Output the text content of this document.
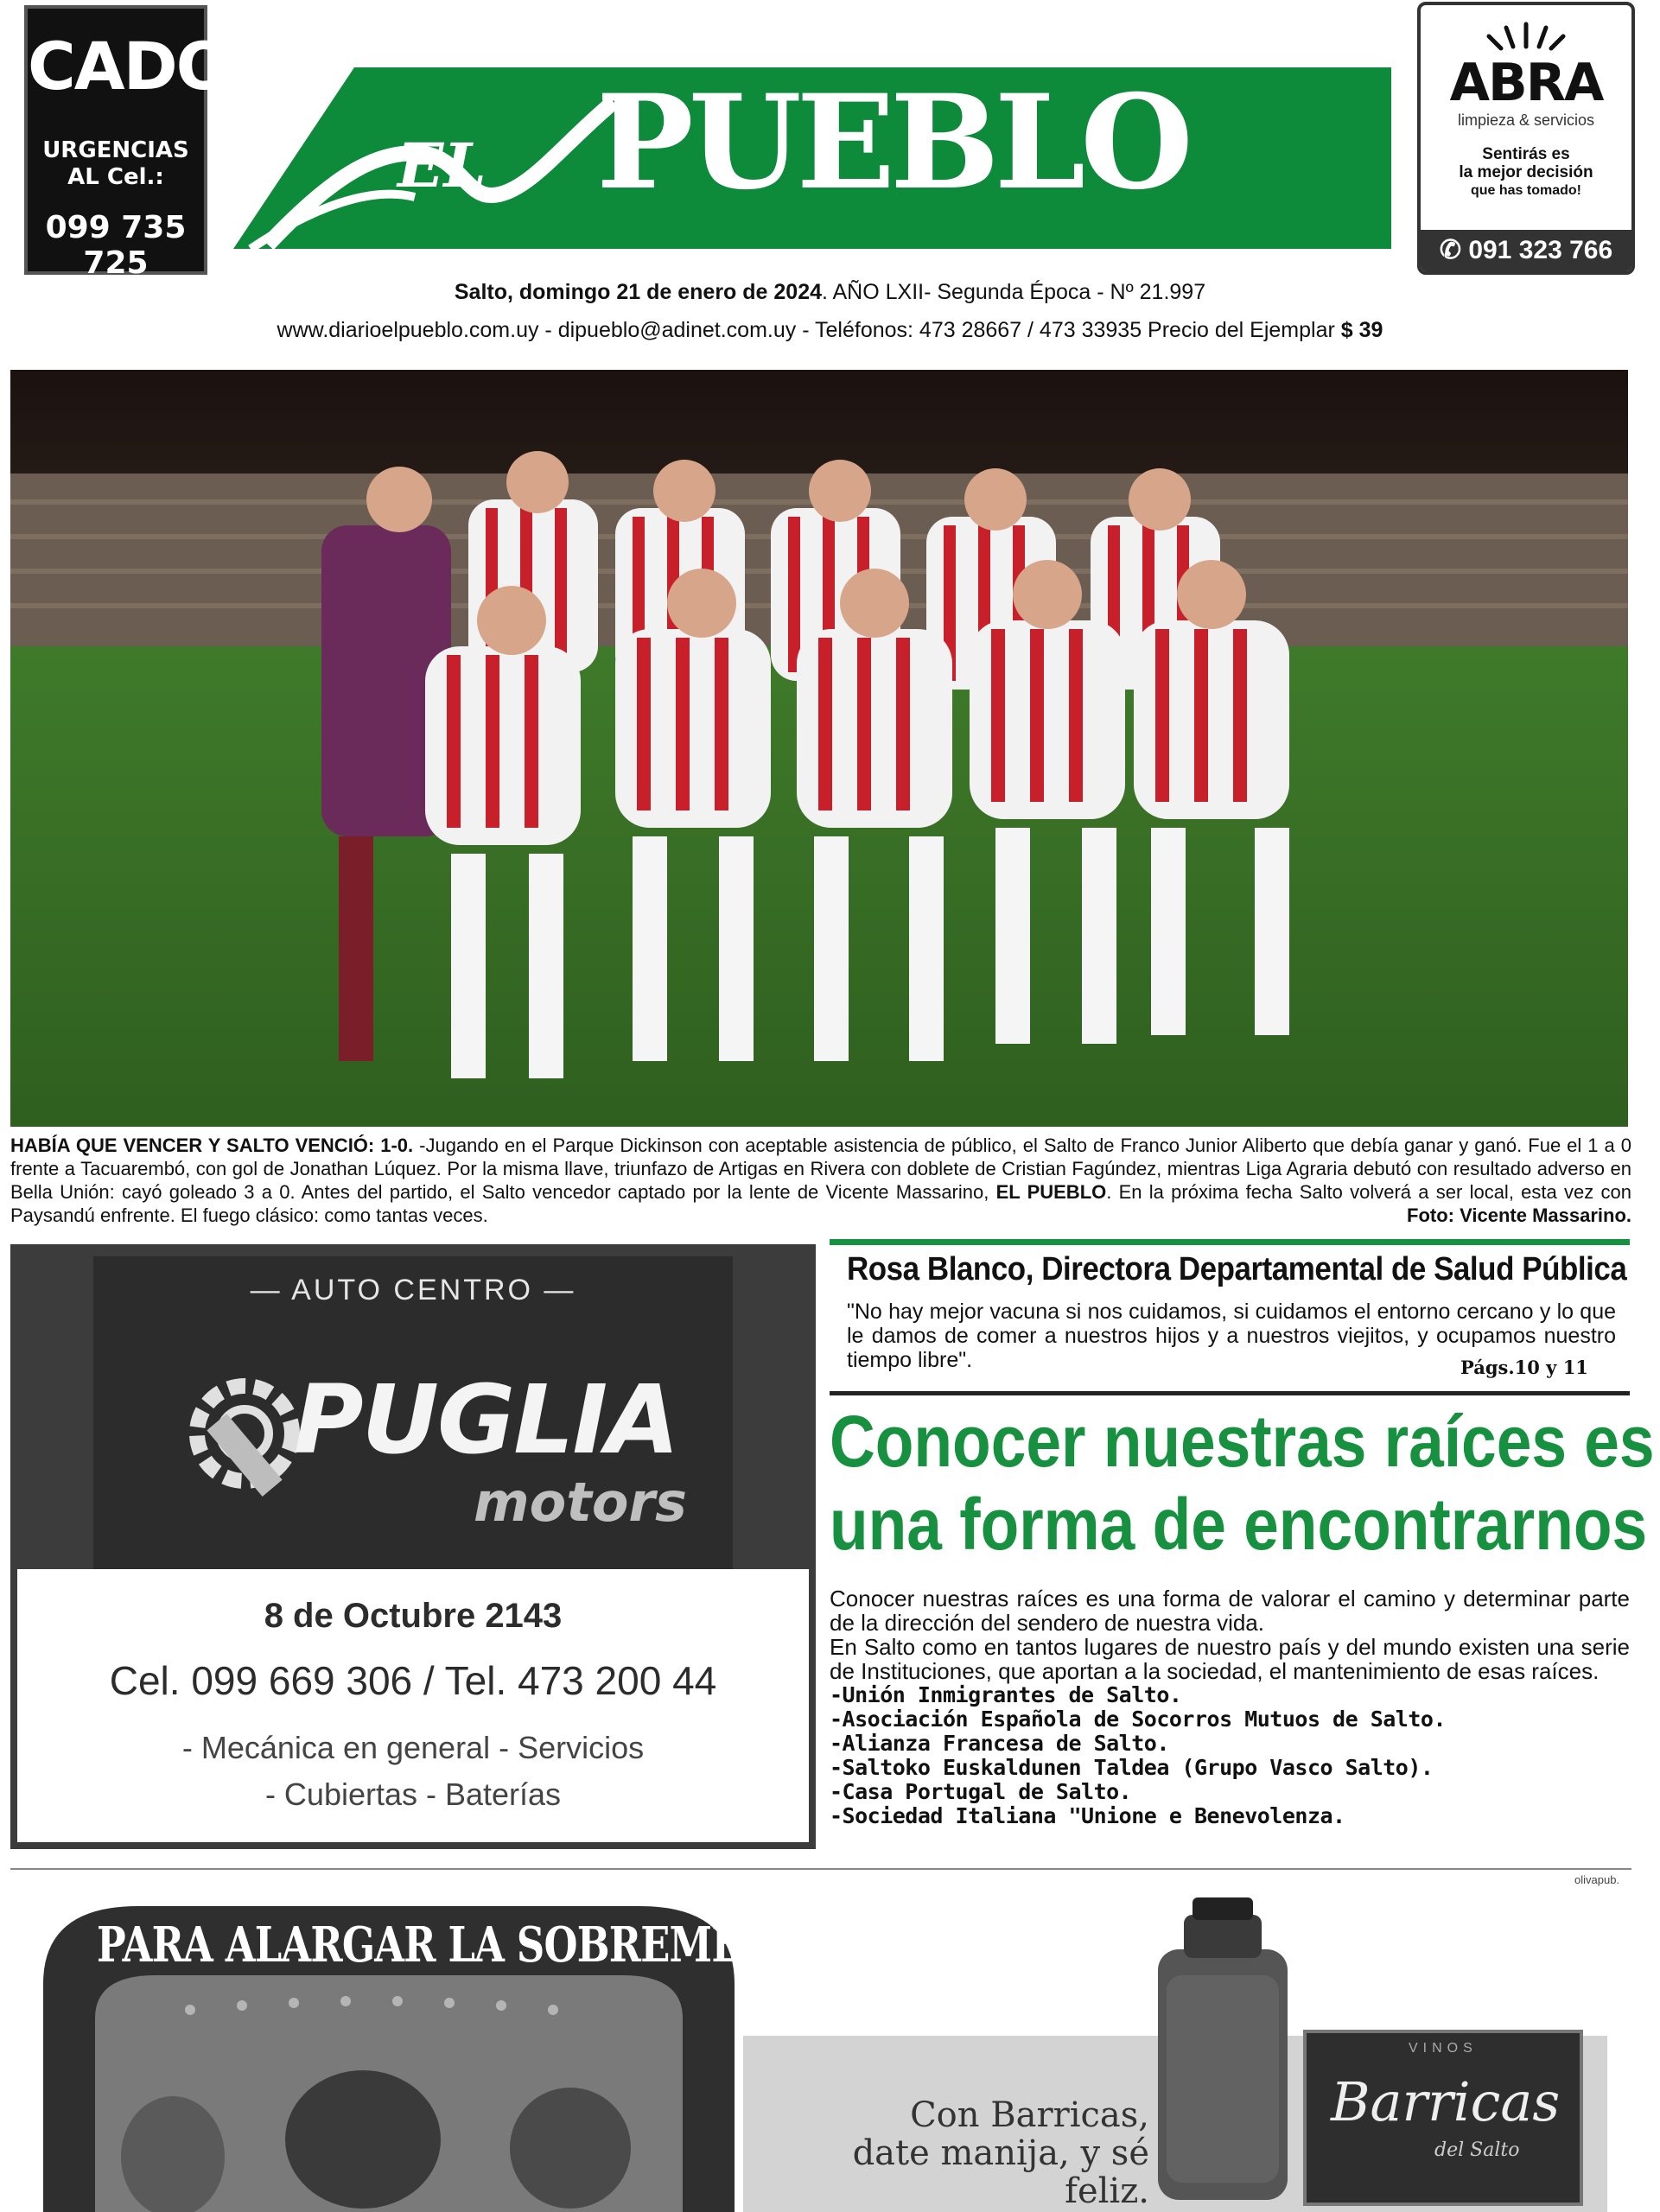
CADO
URGENCIAS
AL Cel.:
099 735 725
EL PUEBLO	ABRA
limpieza & servicios
Sentirás es
la mejor decisión
que has tomado!
✆ 091 323 766
Salto, domingo 21 de enero de 2024. AÑO LXII- Segunda Época - Nº 21.997
www.diarioelpueblo.com.uy - dipueblo@adinet.com.uy - Teléfonos: 473 28667 / 473 33935 Precio del Ejemplar $ 39
HABÍA QUE VENCER Y SALTO VENCIÓ: 1-0. -Jugando en el Parque Dickinson con aceptable asistencia de público, el Salto de Franco Junior Aliberto que debía ganar y ganó. Fue el 1 a 0 frente a Tacuarembó, con gol de Jonathan Lúquez. Por la misma llave, triunfazo de Artigas en Rivera con doblete de Cristian Fagúndez, mientras Liga Agraria debutó con resultado adverso en Bella Unión: cayó goleado 3 a 0. Antes del partido, el Salto vencedor captado por la lente de Vicente Massarino, EL PUEBLO. En la próxima fecha Salto volverá a ser local, esta vez con Paysandú enfrente. El fuego clásico: como tantas veces.	Foto: Vicente Massarino.
— AUTO CENTRO —
PUGLIA
motors
8 de Octubre 2143
Cel. 099 669 306 / Tel. 473 200 44
- Mecánica en general - Servicios
- Cubiertas - Baterías
Rosa Blanco, Directora Departamental de Salud Pública
"No hay mejor vacuna si nos cuidamos, si cuidamos el entorno cercano y lo que le damos de comer a nuestros hijos y a nuestros viejitos, y ocupamos nuestro tiempo libre".	Págs.10 y 11
Conocer nuestras raíces es
una forma de encontrarnos

Conocer nuestras raíces es una forma de valorar el camino y determinar parte de la dirección del sendero de nuestra vida.

En Salto como en tantos lugares de nuestro país y del mundo existen una serie de Instituciones, que aportan a la sociedad, el mantenimiento de esas raíces.

-Unión Inmigrantes de Salto.
-Asociación Española de Socorros Mutuos de Salto.
-Alianza Francesa de Salto.
-Saltoko Euskaldunen Taldea (Grupo Vasco Salto).
-Casa Portugal de Salto.
-Sociedad Italiana "Unione e Benevolenza.
olivapub.
PARA ALARGAR LA SOBREMESA
Con Barricas,
date manija, y sé feliz.
VINOS
Barricas
del Salto
